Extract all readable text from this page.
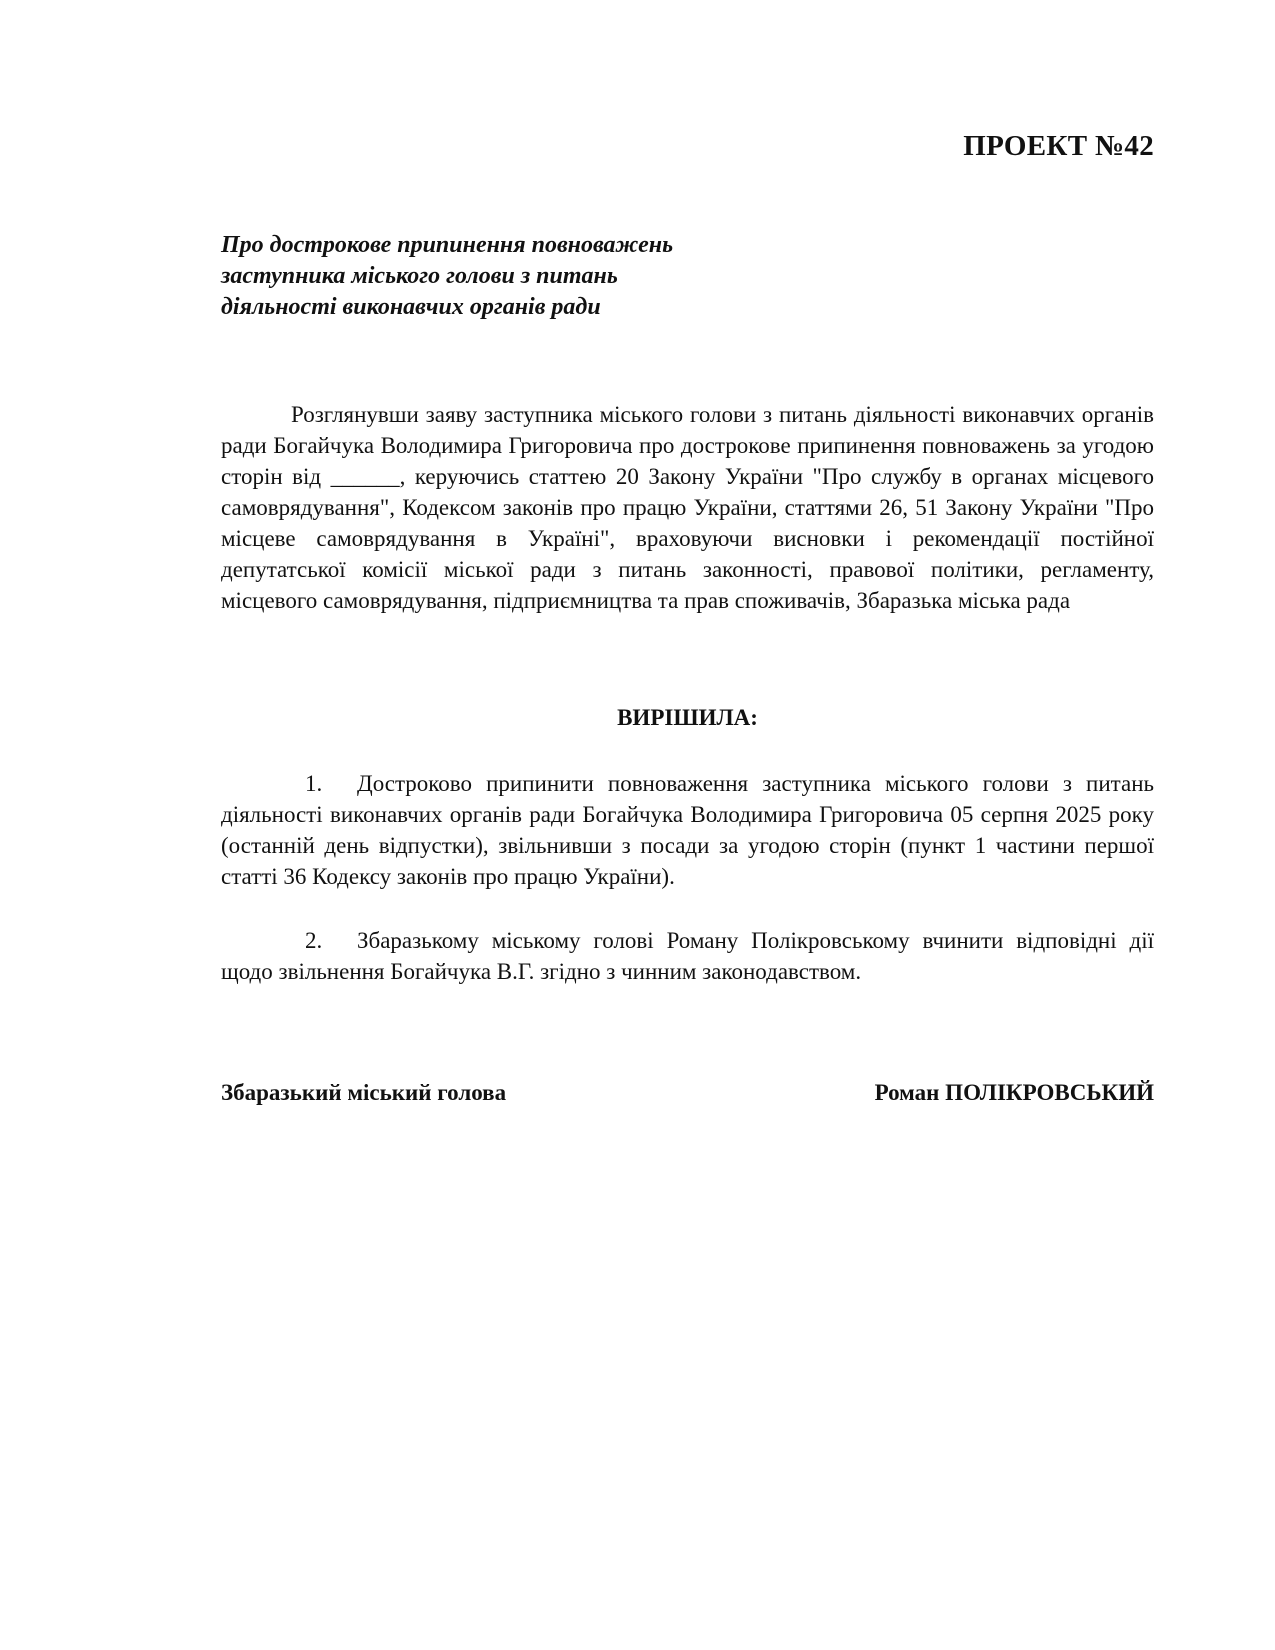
ПРОЕКТ №42
Про дострокове припинення повноважень
заступника міського голови з питань
діяльності виконавчих органів ради

Розглянувши заяву заступника міського голови з питань діяльності виконавчих органів ради Богайчука Володимира Григоровича про дострокове припинення повноважень за угодою сторін від ______, керуючись статтею 20 Закону України "Про службу в органах місцевого самоврядування", Кодексом законів про працю України, статтями 26, 51 Закону України "Про місцеве самоврядування в Україні", враховуючи висновки і рекомендації постійної депутатської комісії міської ради з питань законності, правової політики, регламенту, місцевого самоврядування, підприємництва та прав споживачів, Збаразька міська рада

ВИРІШИЛА:

1. Достроково припинити повноваження заступника міського голови з питань діяльності виконавчих органів ради Богайчука Володимира Григоровича 05 серпня 2025 року (останній день відпустки), звільнивши з посади за угодою сторін (пункт 1 частини першої статті 36 Кодексу законів про працю України).

2. Збаразькому міському голові Роману Полікровському вчинити відповідні дії щодо звільнення Богайчука В.Г. згідно з чинним законодавством.

Збаразький міський голова	Роман ПОЛІКРОВСЬКИЙ
